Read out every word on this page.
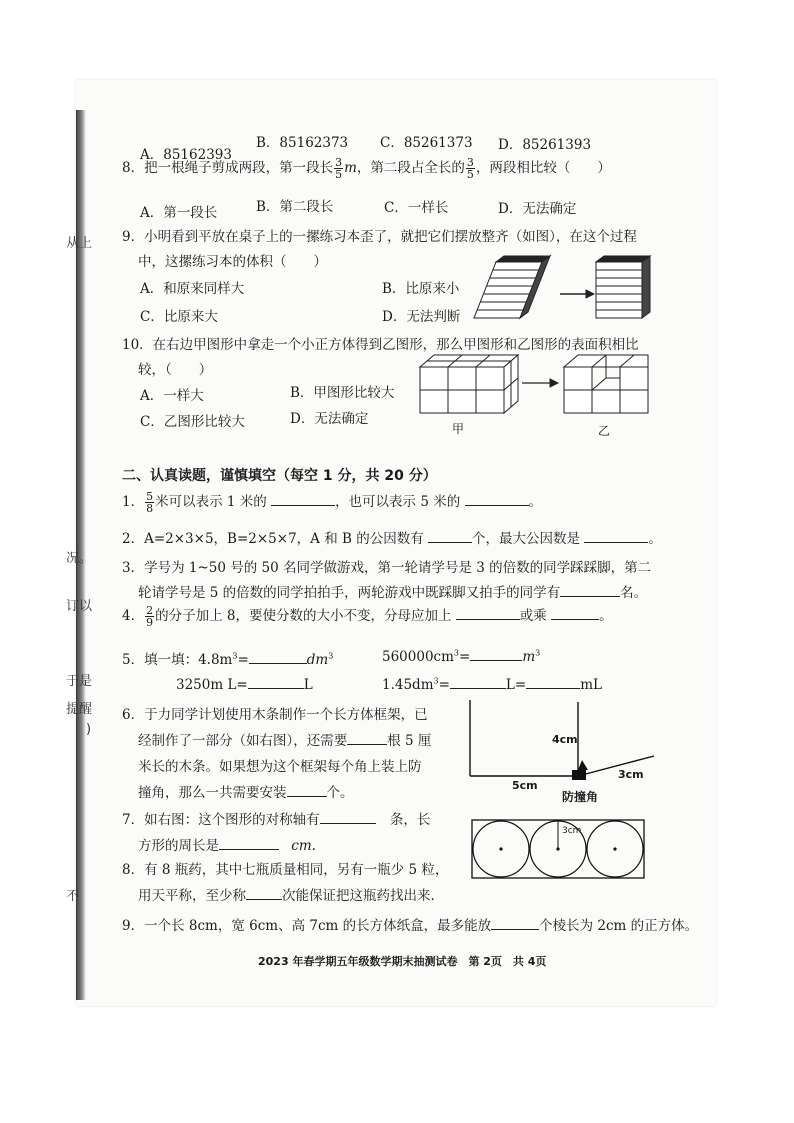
从上
况。
订以
于是
提醒
)
不
A．85162393
B．85162373 C．85261373 D．85261393
8．把一根绳子剪成两段，第一段长 $\frac{3}{5}$ m，第二段占全长的 $\frac{3}{5}$ ，两段相比较（　　）
A．第一段长	B．第二段长	C．一样长	D．无法确定
9．小明看到平放在桌子上的一摞练习本歪了，就把它们摆放整齐（如图），在这个过程
中，这摞练习本的体积（　　）
A．和原来同样大	B．比原来小
C．比原来大	D．无法判断
10．在右边甲图形中拿走一个小正方体得到乙图形，那么甲图形和乙图形的表面积相比
较，（　　）
A．一样大	B．甲图形比较大
C．乙图形比较大	D．无法确定
甲	乙
二、认真读题，谨慎填空（每空 1 分，共 20 分）
1． $\frac{5}{8}$ 米可以表示 1 米的	，也可以表示 5 米的	。
2．A=2×3×5，B=2×5×7，A 和 B 的公因数有	个，最大公因数是	。
3．学号为 1~50 号的 50 名同学做游戏，第一轮请学号是 3 的倍数的同学踩踩脚，第二
轮请学号是 5 的倍数的同学拍拍手，两轮游戏中既踩脚又拍手的同学有	名。
4． $\frac{2}{9}$ 的分子加上 8，要使分数的大小不变，分母应加上	或乘	。
5．填一填：$4.8m^3=$	$dm^3$	$560000cm^3=$	$m^3$
3250m L=	L	$1.45dm^3=$	L=	mL
6．于力同学计划使用木条制作一个长方体框架，已
经制作了一部分（如右图），还需要	根 5 厘
米长的木条。如果想为这个框架每个角上装上防
撞角，那么一共需要安装	个。
4cm
5cm
3cm
防撞角
7．如右图：这个图形的对称轴有	条，长
方形的周长是	cm.
3cm
8．有 8 瓶药，其中七瓶质量相同，另有一瓶少 5 粒，
用天平称，至少称	次能保证把这瓶药找出来.
9．一个长 8cm，宽 6cm、高 7cm 的长方体纸盒，最多能放	个棱长为 2cm 的正方体。
2023 年春学期五年级数学期末抽测试卷　第 2页　共 4页
